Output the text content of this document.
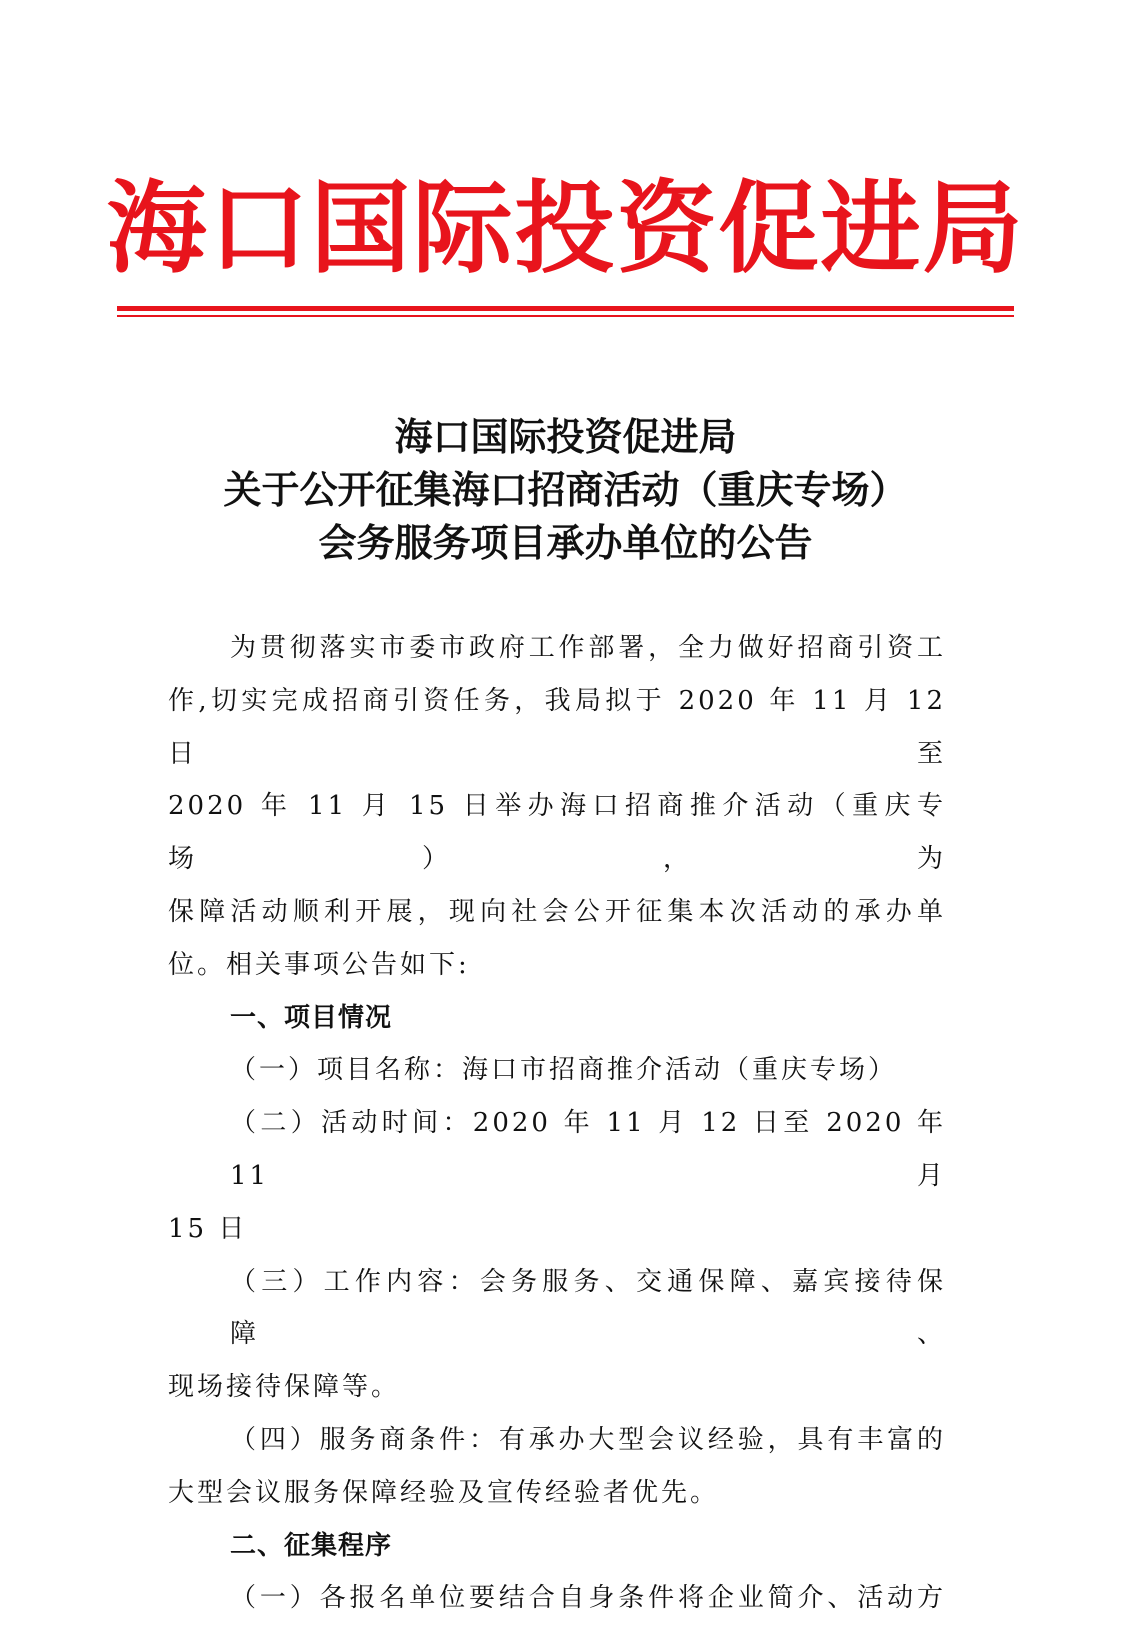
海口国际投资促进局
海口国际投资促进局
关于公开征集海口招商活动（重庆专场）
会务服务项目承办单位的公告

为贯彻落实市委市政府工作部署，全力做好招商引资工

作,切实完成招商引资任务，我局拟于 2020 年 11 月 12 日至

2020 年 11 月 15 日举办海口招商推介活动（重庆专场），为

保障活动顺利开展，现向社会公开征集本次活动的承办单

位。相关事项公告如下:

一、项目情况

（一）项目名称：海口市招商推介活动（重庆专场）

（二）活动时间：2020 年 11 月 12 日至 2020 年 11 月

15 日

（三）工作内容：会务服务、交通保障、嘉宾接待保障、

现场接待保障等。

（四）服务商条件：有承办大型会议经验，具有丰富的

大型会议服务保障经验及宣传经验者优先。

二、征集程序

（一）各报名单位要结合自身条件将企业简介、活动方
